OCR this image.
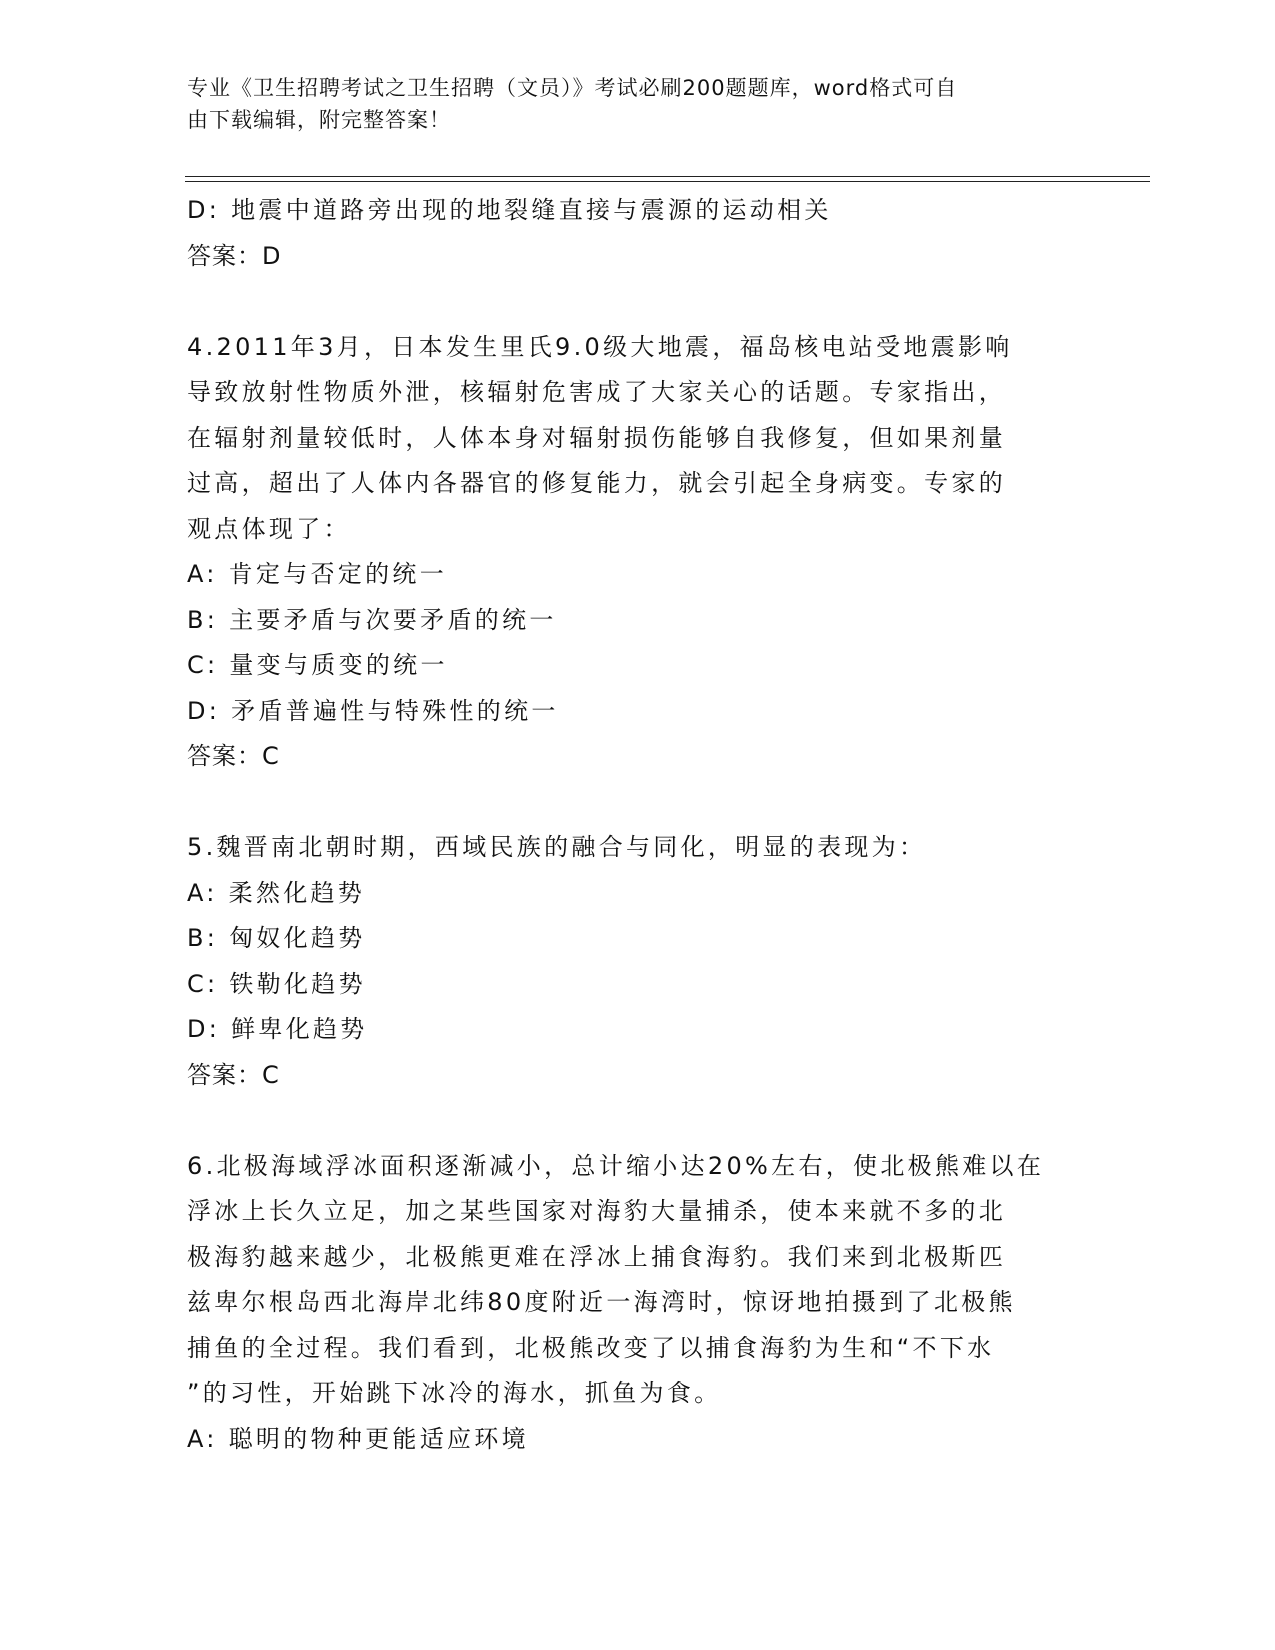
专业《卫生招聘考试之卫生招聘（文员）》考试必刷200题题库，word格式可自
由下载编辑，附完整答案！
D: 地震中道路旁出现的地裂缝直接与震源的运动相关
答案：D
4.2011年3月，日本发生里氏9.0级大地震，福岛核电站受地震影响
导致放射性物质外泄，核辐射危害成了大家关心的话题。专家指出，
在辐射剂量较低时，人体本身对辐射损伤能够自我修复，但如果剂量
过高，超出了人体内各器官的修复能力，就会引起全身病变。专家的
观点体现了：
A: 肯定与否定的统一
B: 主要矛盾与次要矛盾的统一
C: 量变与质变的统一
D: 矛盾普遍性与特殊性的统一
答案：C
5.魏晋南北朝时期，西域民族的融合与同化，明显的表现为：
A: 柔然化趋势
B: 匈奴化趋势
C: 铁勒化趋势
D: 鲜卑化趋势
答案：C
6.北极海域浮冰面积逐渐减小，总计缩小达20%左右，使北极熊难以在
浮冰上长久立足，加之某些国家对海豹大量捕杀，使本来就不多的北
极海豹越来越少，北极熊更难在浮冰上捕食海豹。我们来到北极斯匹
兹卑尔根岛西北海岸北纬80度附近一海湾时，惊讶地拍摄到了北极熊
捕鱼的全过程。我们看到，北极熊改变了以捕食海豹为生和“不下水
”的习性，开始跳下冰冷的海水，抓鱼为食。
A: 聪明的物种更能适应环境
